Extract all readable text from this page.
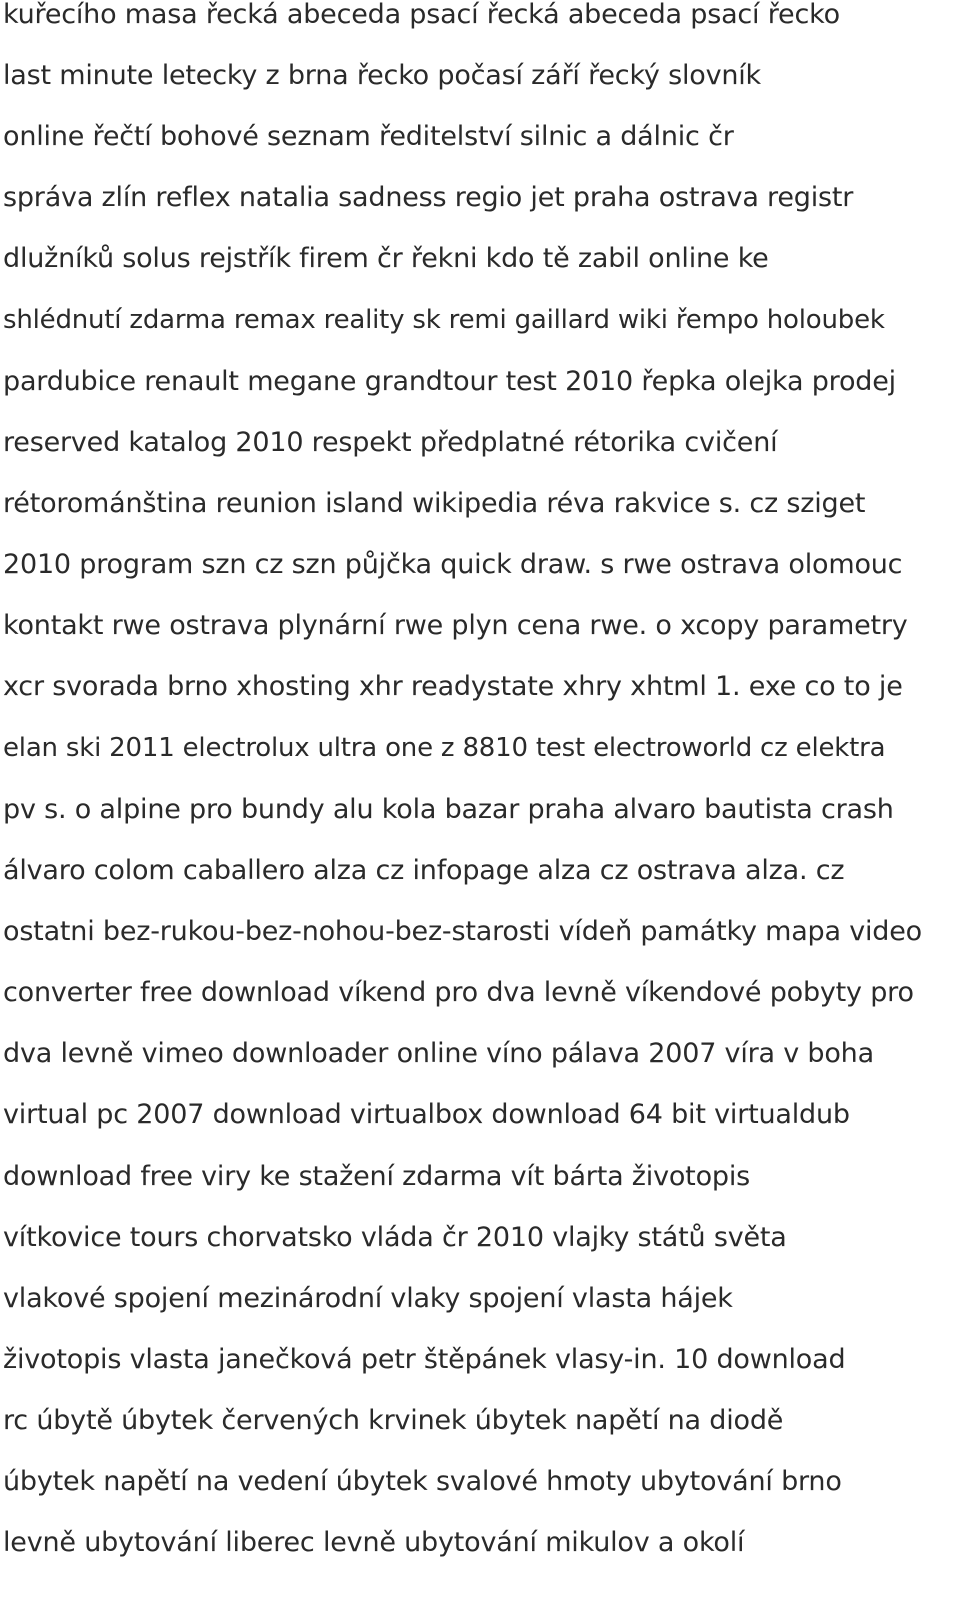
kuřecího masa řecká abeceda psací řecká abeceda psací řecko
last minute letecky z brna řecko počasí září řecký slovník
online řečtí bohové seznam ředitelství silnic a dálnic čr
správa zlín reflex natalia sadness regio jet praha ostrava registr
dlužníků solus rejstřík firem čr řekni kdo tě zabil online ke
shlédnutí zdarma remax reality sk remi gaillard wiki řempo holoubek
pardubice renault megane grandtour test 2010 řepka olejka prodej
reserved katalog 2010 respekt předplatné rétorika cvičení
rétorománština reunion island wikipedia réva rakvice s. cz sziget
2010 program szn cz szn půjčka quick draw. s rwe ostrava olomouc
kontakt rwe ostrava plynární rwe plyn cena rwe. o xcopy parametry
xcr svorada brno xhosting xhr readystate xhry xhtml 1. exe co to je
elan ski 2011 electrolux ultra one z 8810 test electroworld cz elektra
pv s. o alpine pro bundy alu kola bazar praha alvaro bautista crash
álvaro colom caballero alza cz infopage alza cz ostrava alza. cz
ostatni bez-rukou-bez-nohou-bez-starosti vídeň památky mapa video
converter free download víkend pro dva levně víkendové pobyty pro
dva levně vimeo downloader online víno pálava 2007 víra v boha
virtual pc 2007 download virtualbox download 64 bit virtualdub
download free viry ke stažení zdarma vít bárta životopis
vítkovice tours chorvatsko vláda čr 2010 vlajky států světa
vlakové spojení mezinárodní vlaky spojení vlasta hájek
životopis vlasta janečková petr štěpánek vlasy-in. 10 download
rc úbytě úbytek červených krvinek úbytek napětí na diodě
úbytek napětí na vedení úbytek svalové hmoty ubytování brno
levně ubytování liberec levně ubytování mikulov a okolí
